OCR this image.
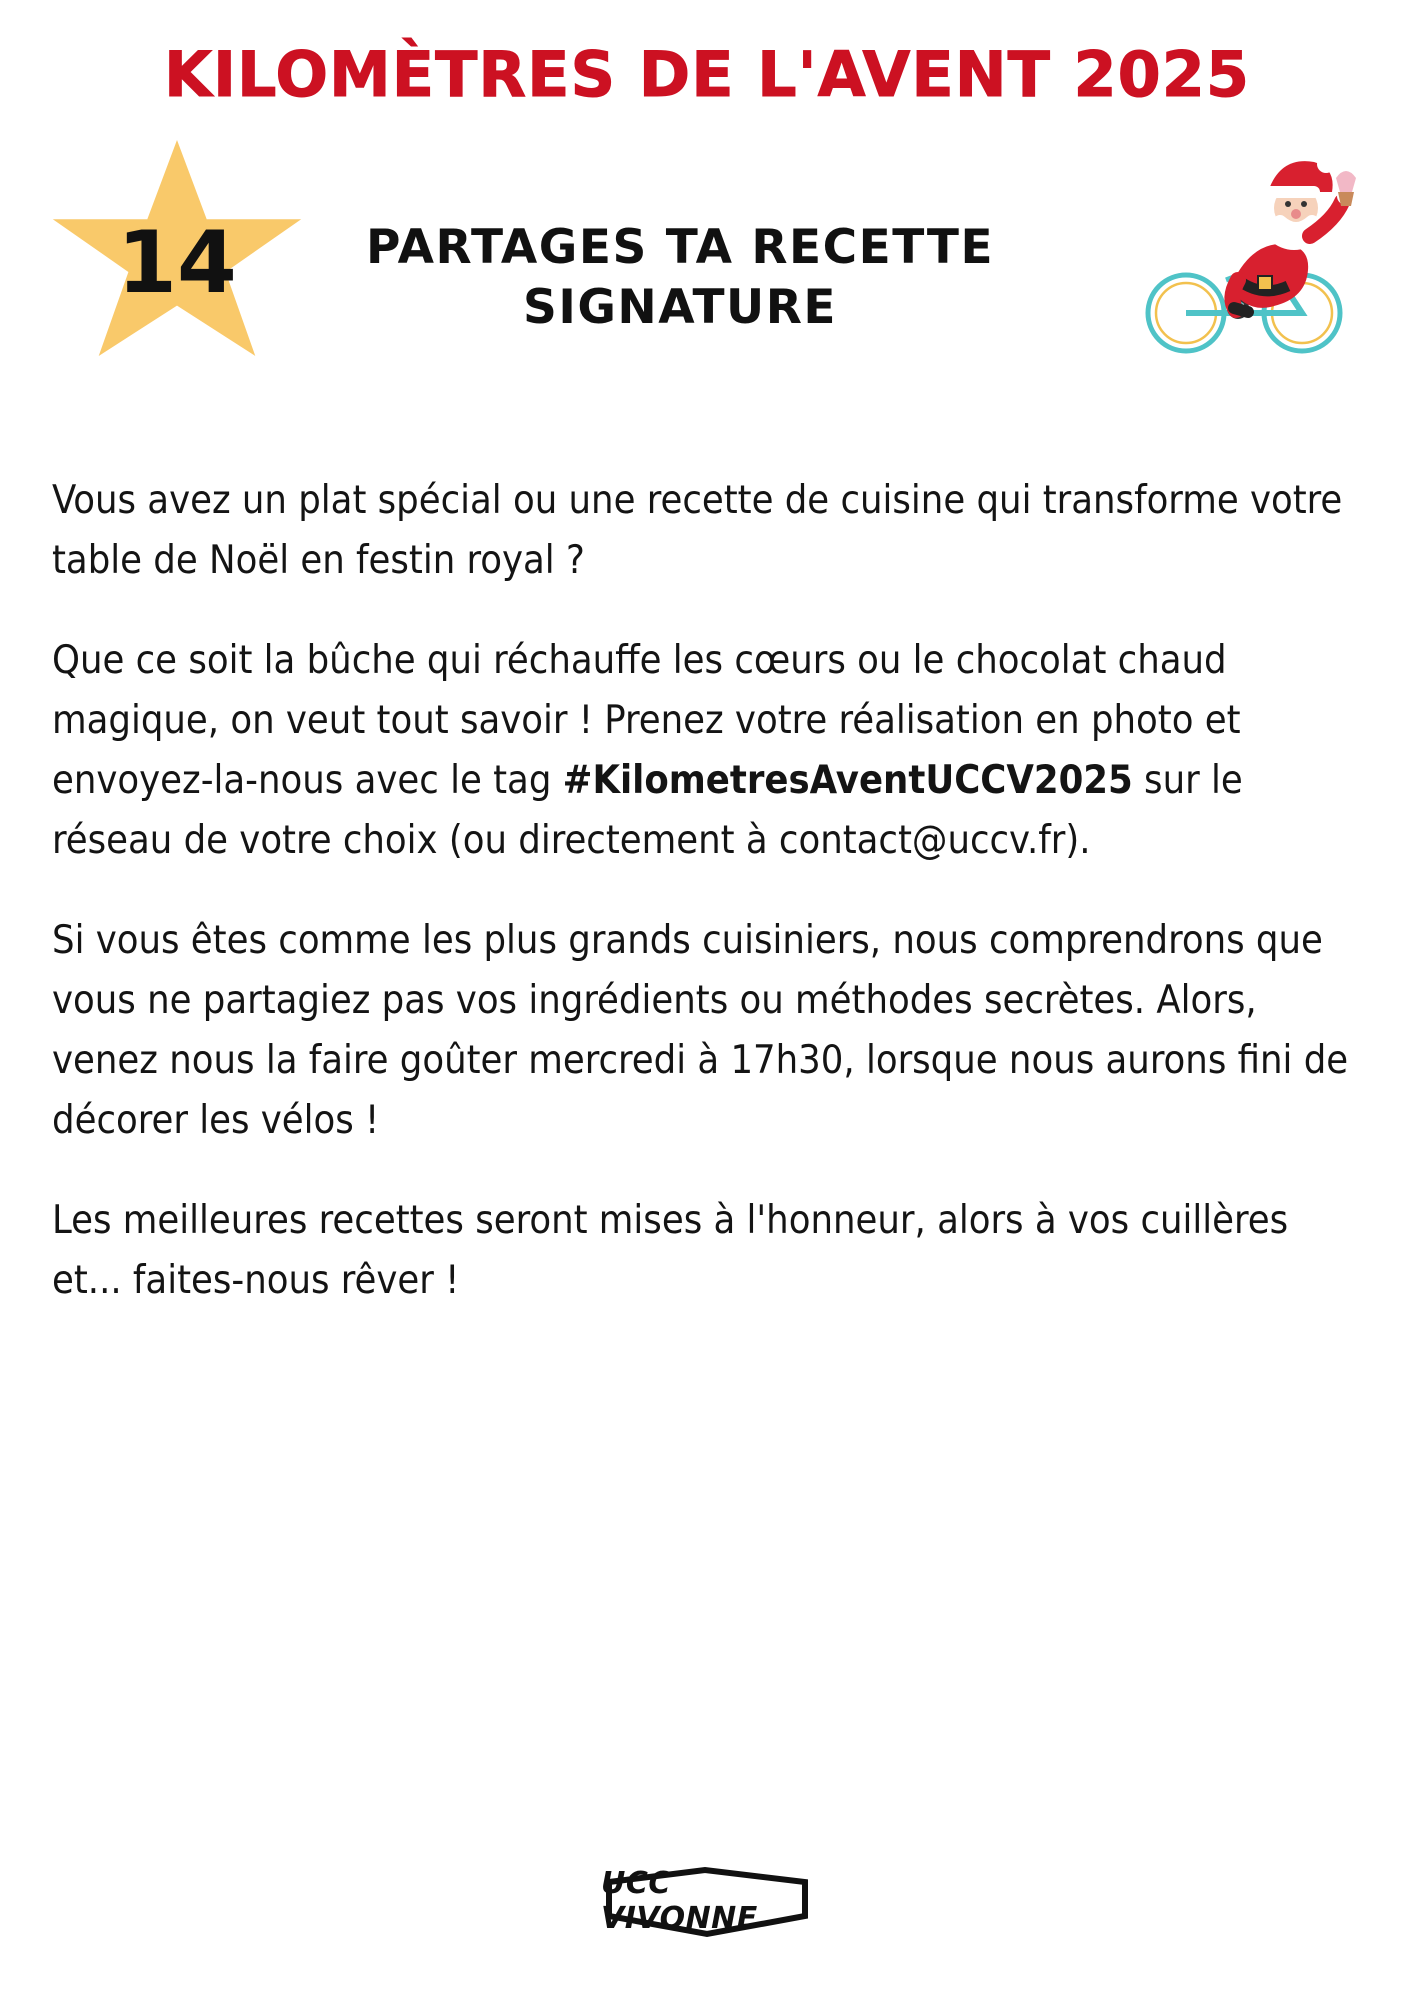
KILOMÈTRES DE L'AVENT 2025
14	PARTAGES TA RECETTE SIGNATURE

Vous avez un plat spécial ou une recette de cuisine qui transforme votre table de Noël en festin royal ?

Que ce soit la bûche qui réchauffe les cœurs ou le chocolat chaud magique, on veut tout savoir ! Prenez votre réalisation en photo et envoyez-la-nous avec le tag #KilometresAventUCCV2025 sur le réseau de votre choix (ou directement à contact@uccv.fr).

Si vous êtes comme les plus grands cuisiniers, nous comprendrons que vous ne partagiez pas vos ingrédients ou méthodes secrètes. Alors, venez nous la faire goûter mercredi à 17h30, lorsque nous aurons fini de décorer les vélos !

Les meilleures recettes seront mises à l'honneur, alors à vos cuillères et... faites-nous rêver !

UCC VIVONNE
